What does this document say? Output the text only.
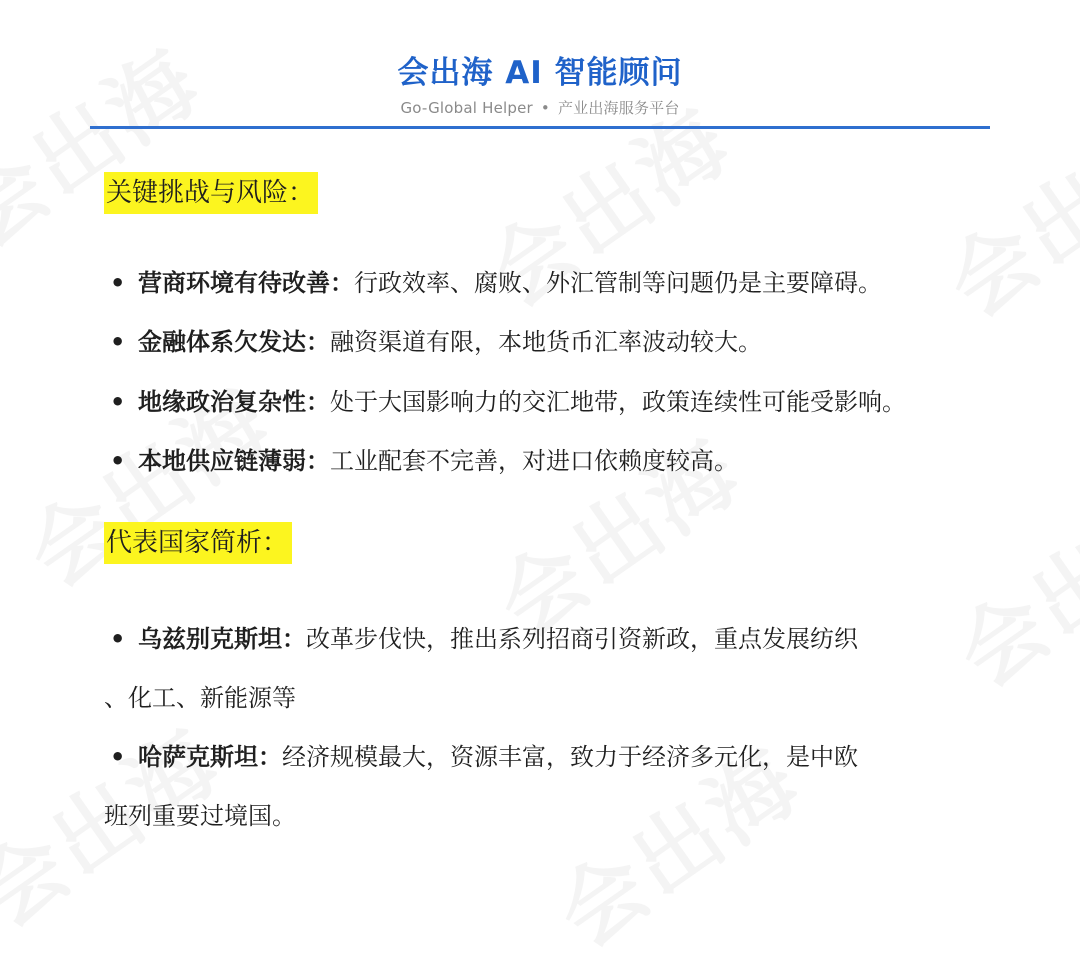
会出海 AI 智能顾问
Go-Global Helper • 产业出海服务平台
关键挑战与风险：
• 营商环境有待改善：行政效率、腐败、外汇管制等问题仍是主要障碍。
• 金融体系欠发达：融资渠道有限，本地货币汇率波动较大。
• 地缘政治复杂性：处于大国影响力的交汇地带，政策连续性可能受影响。
• 本地供应链薄弱：工业配套不完善，对进口依赖度较高。
代表国家简析：
• 乌兹别克斯坦：改革步伐快，推出系列招商引资新政，重点发展纺织
、化工、新能源等
• 哈萨克斯坦：经济规模最大，资源丰富，致力于经济多元化，是中欧
班列重要过境国。
